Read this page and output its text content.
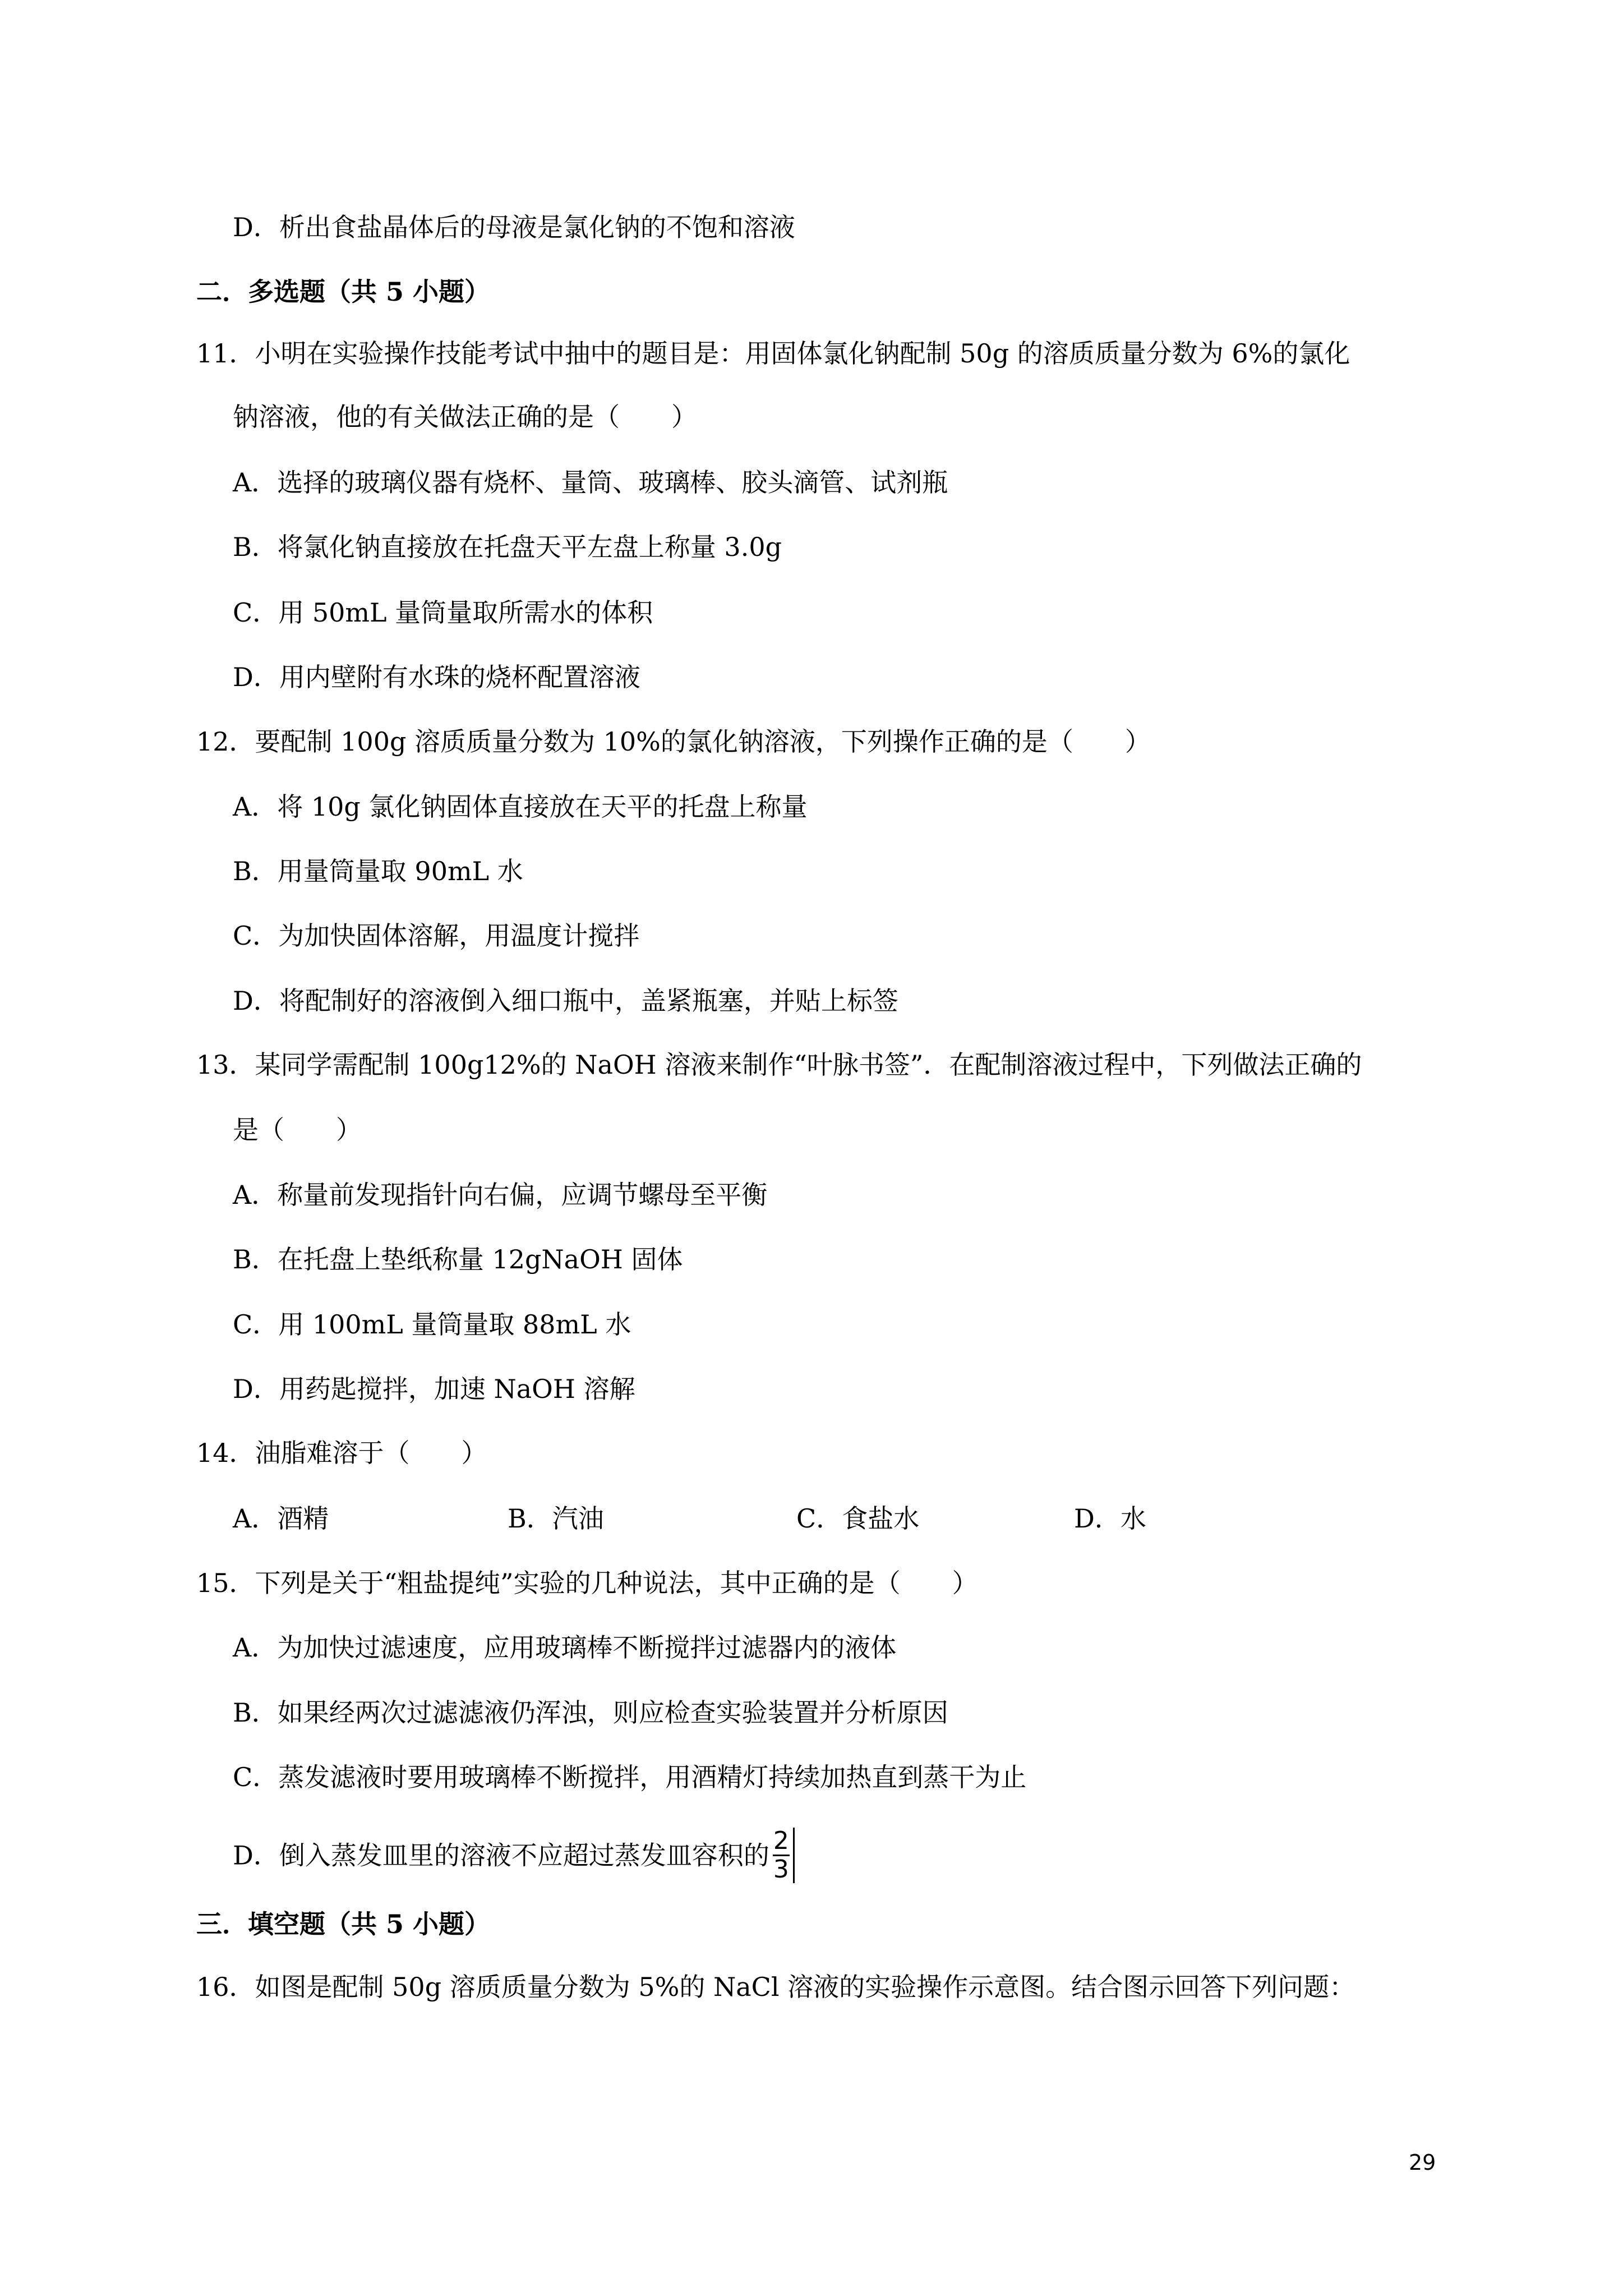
D．析出食盐晶体后的母液是氯化钠的不饱和溶液
二．多选题（共 5 小题）
11．小明在实验操作技能考试中抽中的题目是：用固体氯化钠配制 50g 的溶质质量分数为 6%的氯化
钠溶液，他的有关做法正确的是（　　）
A．选择的玻璃仪器有烧杯、量筒、玻璃棒、胶头滴管、试剂瓶
B．将氯化钠直接放在托盘天平左盘上称量 3.0g
C．用 50mL 量筒量取所需水的体积
D．用内壁附有水珠的烧杯配置溶液
12．要配制 100g 溶质质量分数为 10%的氯化钠溶液，下列操作正确的是（　　）
A．将 10g 氯化钠固体直接放在天平的托盘上称量
B．用量筒量取 90mL 水
C．为加快固体溶解，用温度计搅拌
D．将配制好的溶液倒入细口瓶中，盖紧瓶塞，并贴上标签
13．某同学需配制 100g12%的 NaOH 溶液来制作“叶脉书签”．在配制溶液过程中，下列做法正确的
是（　　）
A．称量前发现指针向右偏，应调节螺母至平衡
B．在托盘上垫纸称量 12gNaOH 固体
C．用 100mL 量筒量取 88mL 水
D．用药匙搅拌，加速 NaOH 溶解
14．油脂难溶于（　　）
A．酒精	B．汽油	C．食盐水	D．水
15．下列是关于“粗盐提纯”实验的几种说法，其中正确的是（　　）
A．为加快过滤速度，应用玻璃棒不断搅拌过滤器内的液体
B．如果经两次过滤滤液仍浑浊，则应检查实验装置并分析原因
C．蒸发滤液时要用玻璃棒不断搅拌，用酒精灯持续加热直到蒸干为止
D．倒入蒸发皿里的溶液不应超过蒸发皿容积的 $\frac{2}{3}$
三．填空题（共 5 小题）
16．如图是配制 50g 溶质质量分数为 5%的 NaCl 溶液的实验操作示意图。结合图示回答下列问题：
29
